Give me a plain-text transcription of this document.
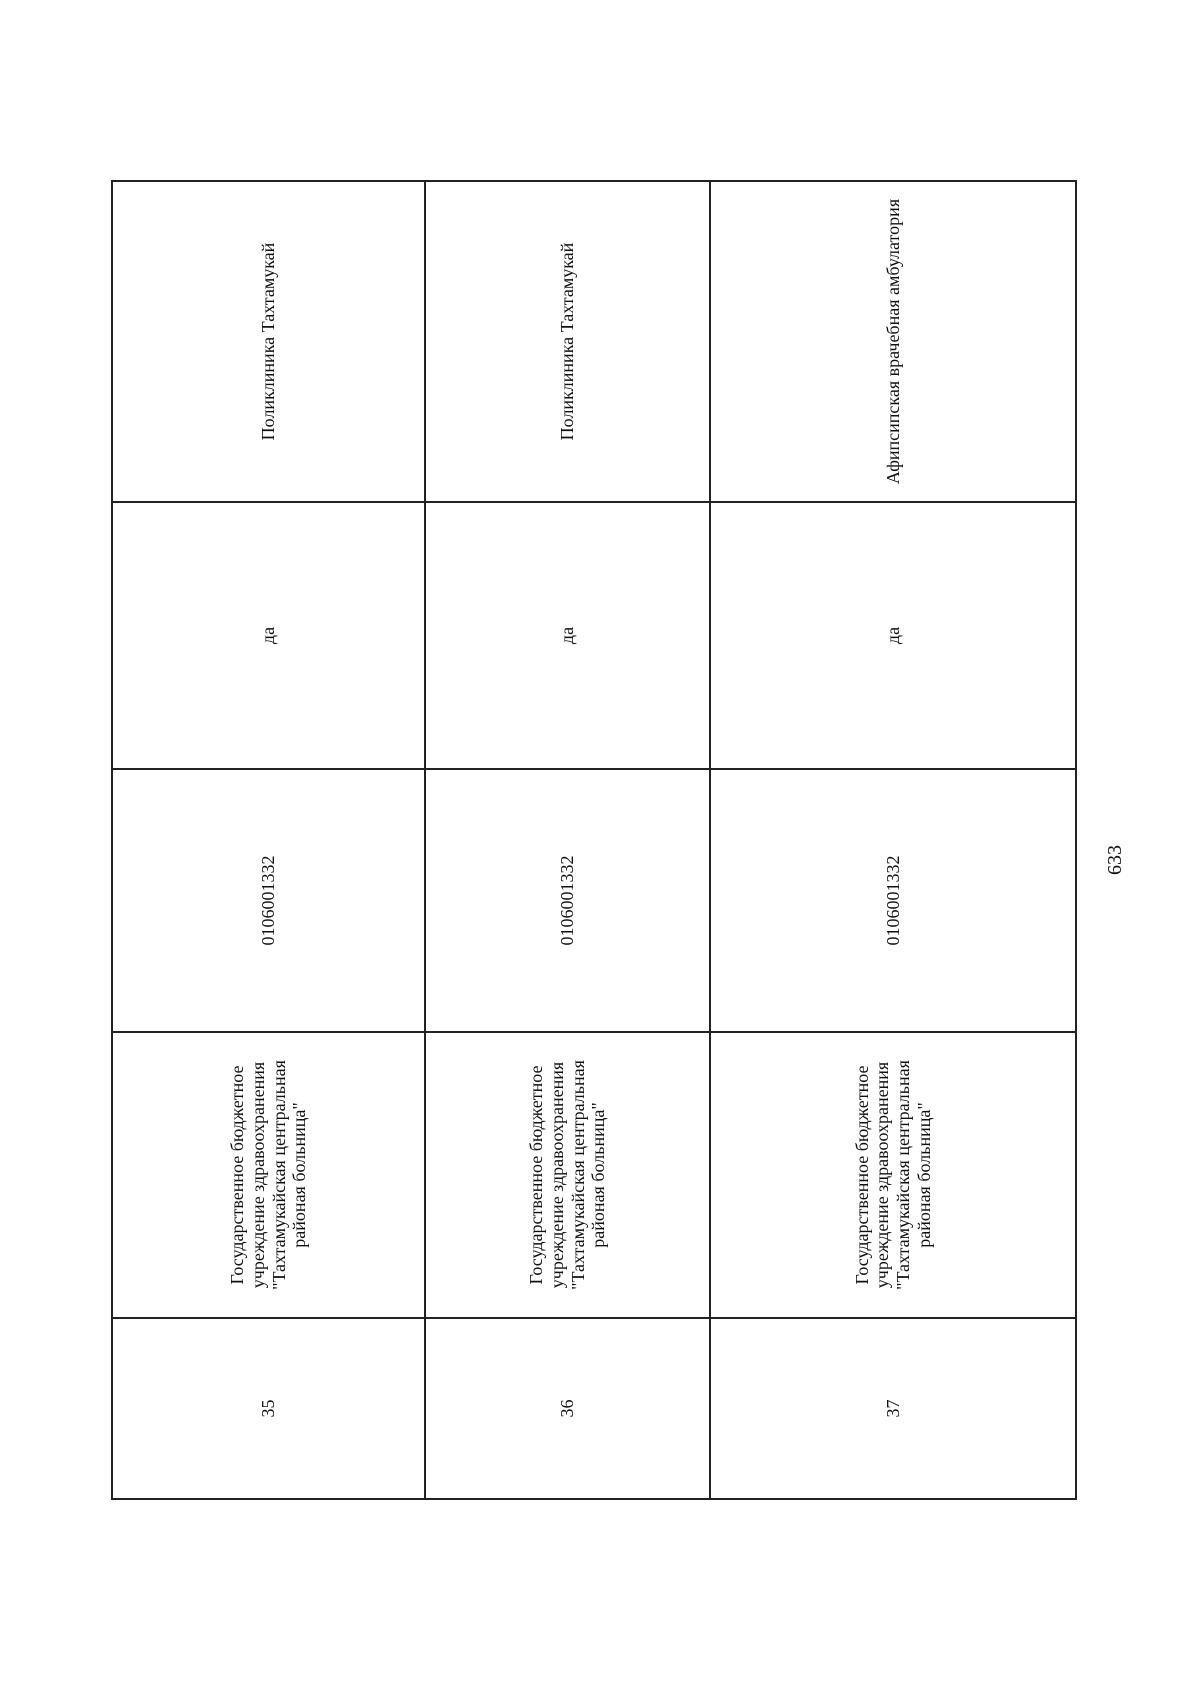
35	Государственное бюджетное учреждение здравоохранения "Тахтамукайская центральная районая больница"	0106001332	да	Поликлиника Тахтамукай
36	Государственное бюджетное учреждение здравоохранения "Тахтамукайская центральная районая больница"	0106001332	да	Поликлиника Тахтамукай
37	Государственное бюджетное учреждение здравоохранения "Тахтамукайская центральная районая больница"	0106001332	да	Афипсипская врачебная амбулатория
633
